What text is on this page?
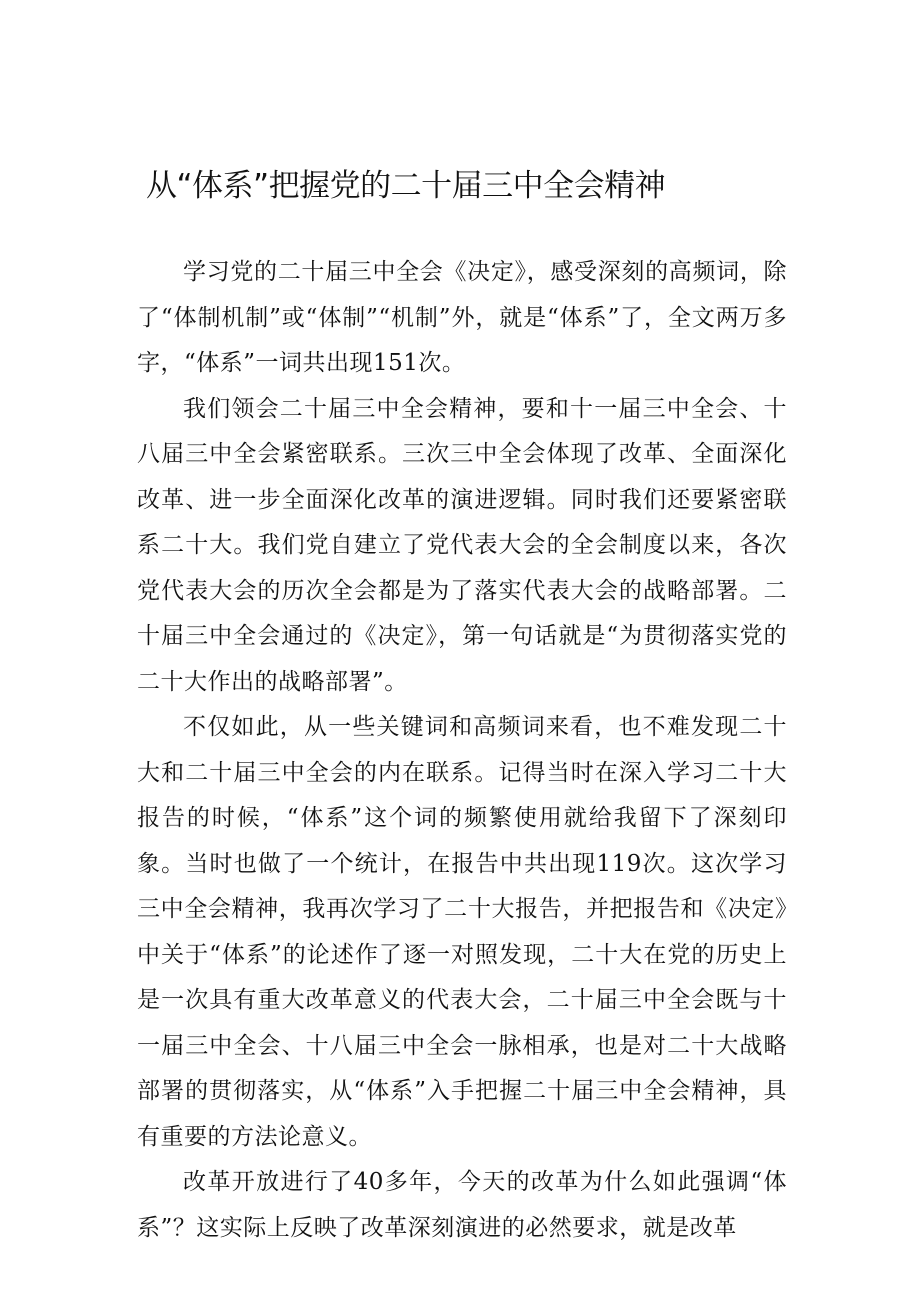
从“体系”把握党的二十届三中全会精神

学习党的二十届三中全会《决定》，感受深刻的高频词，除了“体制机制”或“体制”“机制”外，就是“体系”了，全文两万多字，“体系”一词共出现151次。

我们领会二十届三中全会精神，要和十一届三中全会、十八届三中全会紧密联系。三次三中全会体现了改革、全面深化改革、进一步全面深化改革的演进逻辑。同时我们还要紧密联系二十大。我们党自建立了党代表大会的全会制度以来，各次党代表大会的历次全会都是为了落实代表大会的战略部署。二十届三中全会通过的《决定》，第一句话就是“为贯彻落实党的二十大作出的战略部署”。

不仅如此，从一些关键词和高频词来看，也不难发现二十大和二十届三中全会的内在联系。记得当时在深入学习二十大报告的时候，“体系”这个词的频繁使用就给我留下了深刻印象。当时也做了一个统计，在报告中共出现119次。这次学习三中全会精神，我再次学习了二十大报告，并把报告和《决定》中关于“体系”的论述作了逐一对照发现，二十大在党的历史上是一次具有重大改革意义的代表大会，二十届三中全会既与十一届三中全会、十八届三中全会一脉相承，也是对二十大战略部署的贯彻落实，从“体系”入手把握二十届三中全会精神，具有重要的方法论意义。

改革开放进行了40多年，今天的改革为什么如此强调“体系”？这实际上反映了改革深刻演进的必然要求，就是改革
